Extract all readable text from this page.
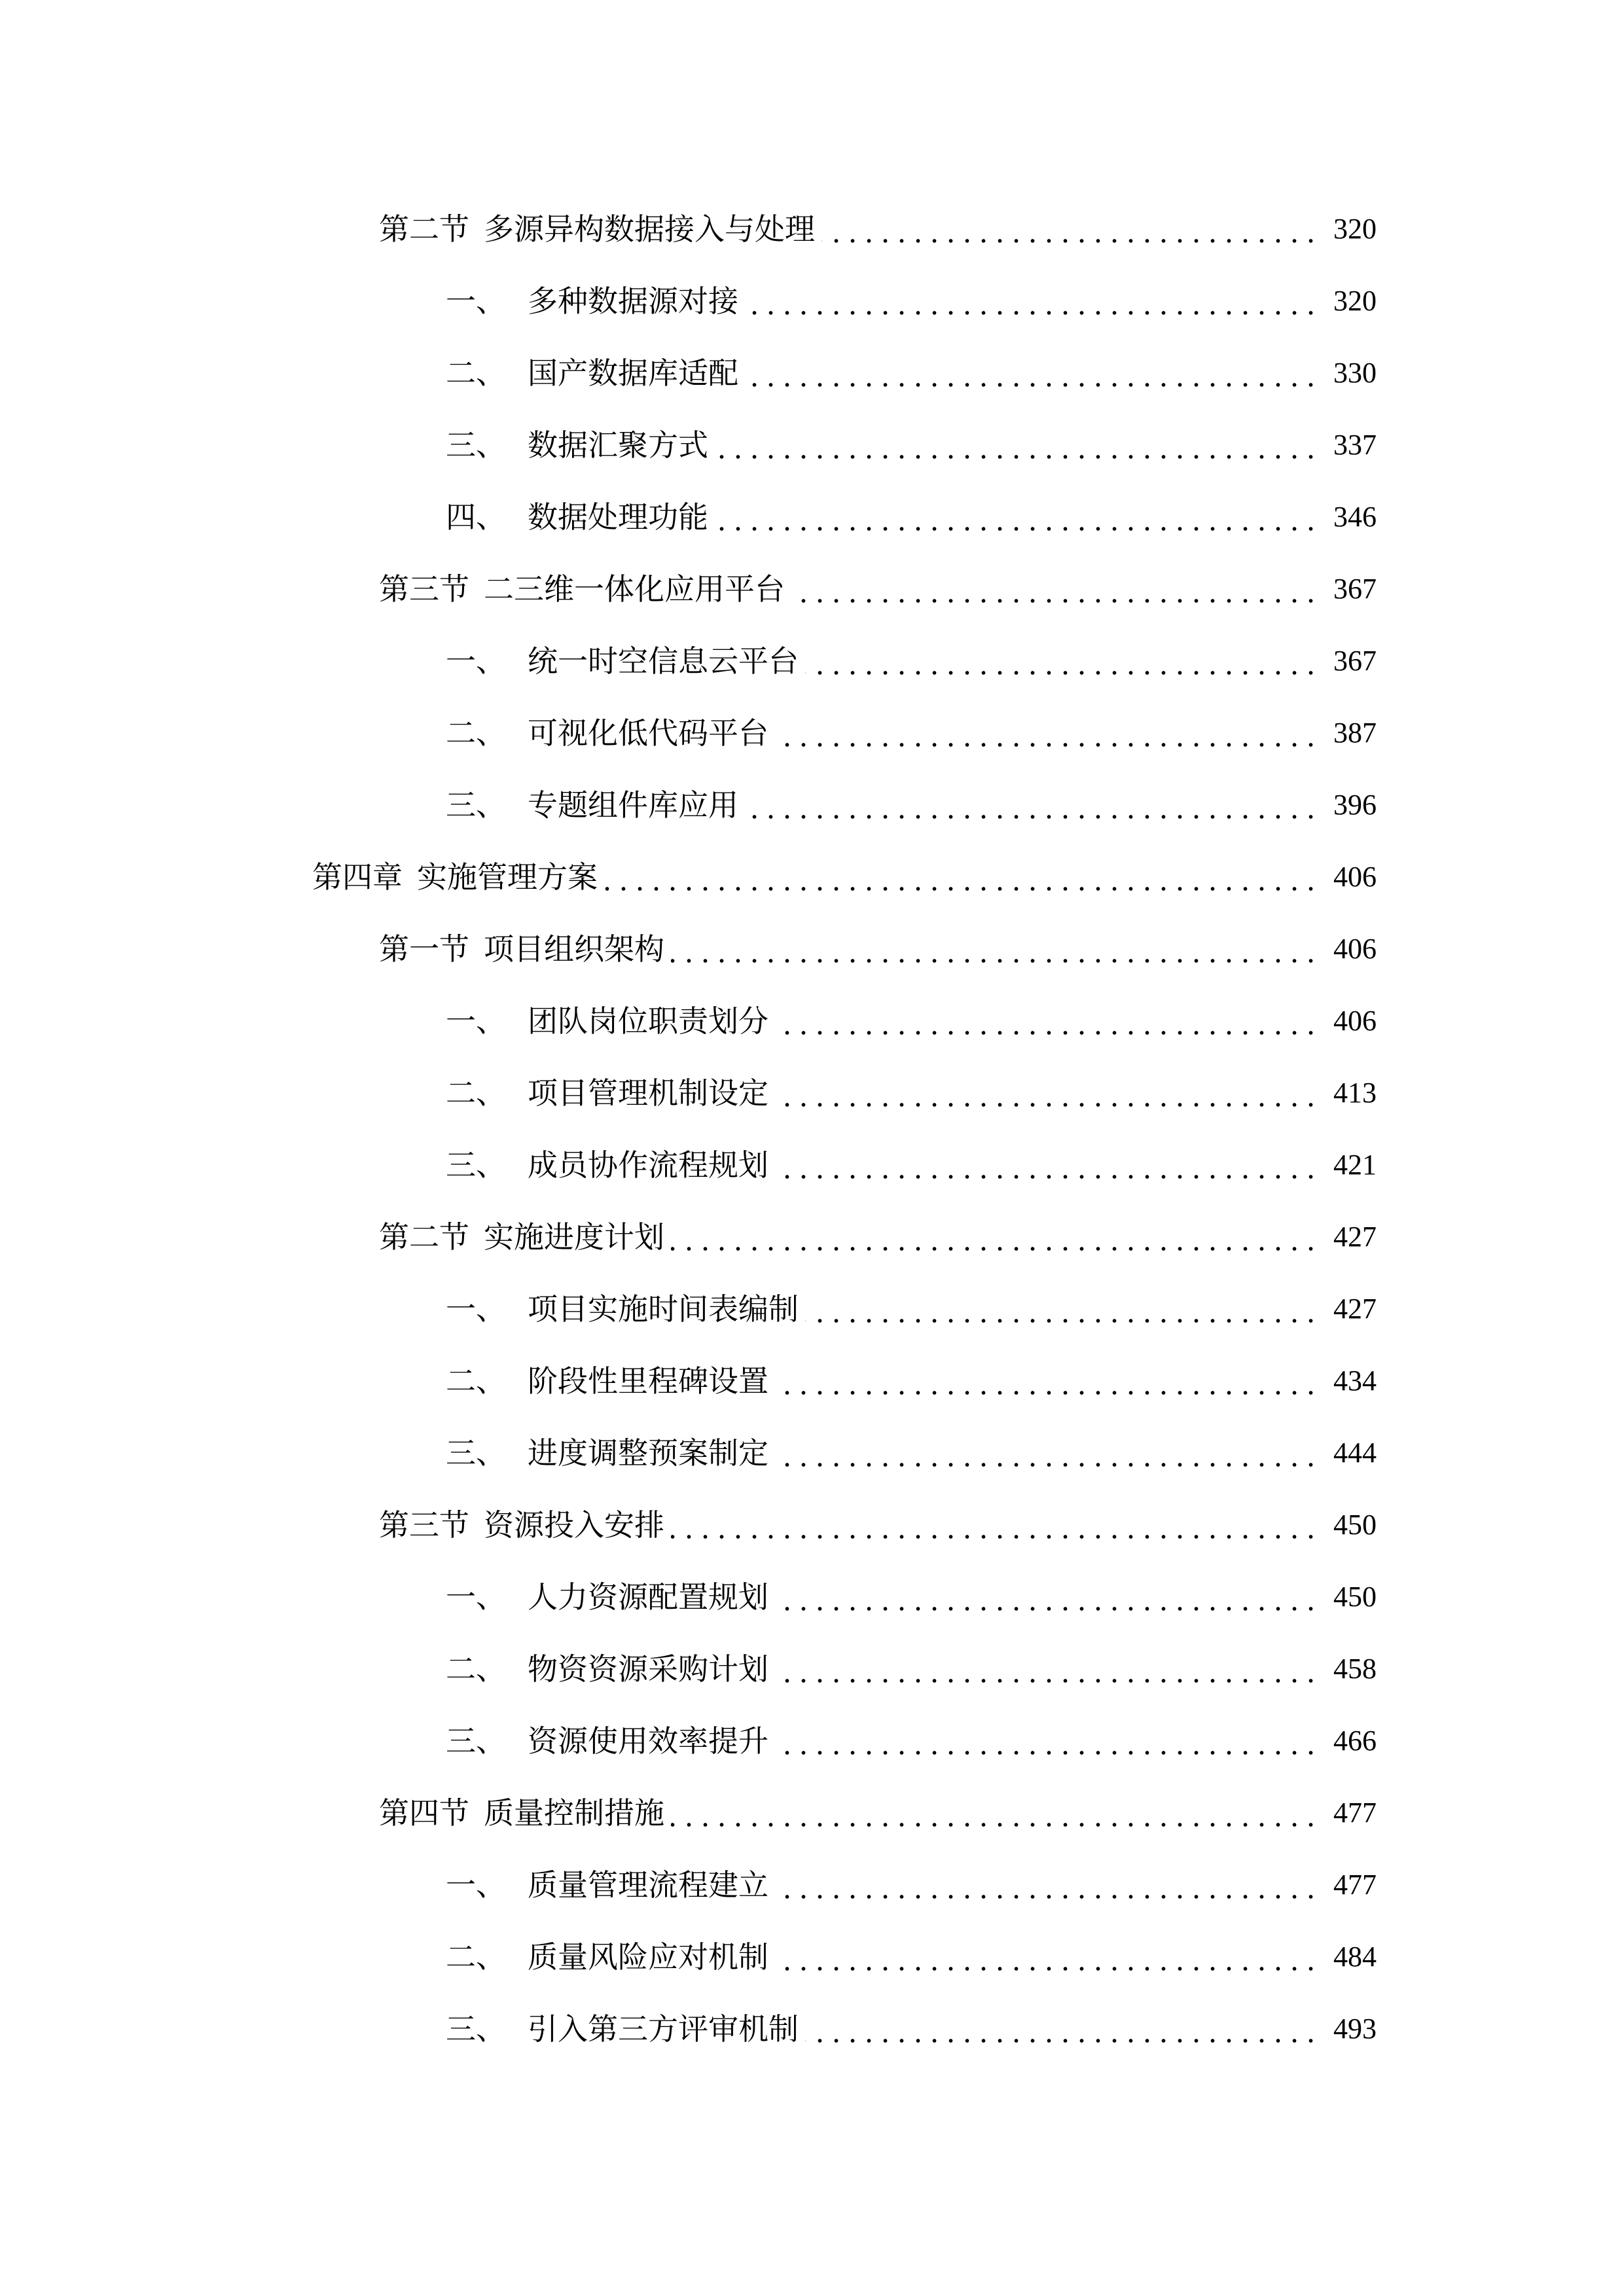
第二节 多源异构数据接入与处理	320
一、 多种数据源对接	320
二、 国产数据库适配	330
三、 数据汇聚方式	337
四、 数据处理功能	346
第三节 二三维一体化应用平台	367
一、 统一时空信息云平台	367
二、 可视化低代码平台	387
三、 专题组件库应用	396
第四章 实施管理方案	406
第一节 项目组织架构	406
一、 团队岗位职责划分	406
二、 项目管理机制设定	413
三、 成员协作流程规划	421
第二节 实施进度计划	427
一、 项目实施时间表编制	427
二、 阶段性里程碑设置	434
三、 进度调整预案制定	444
第三节 资源投入安排	450
一、 人力资源配置规划	450
二、 物资资源采购计划	458
三、 资源使用效率提升	466
第四节 质量控制措施	477
一、 质量管理流程建立	477
二、 质量风险应对机制	484
三、 引入第三方评审机制	493
